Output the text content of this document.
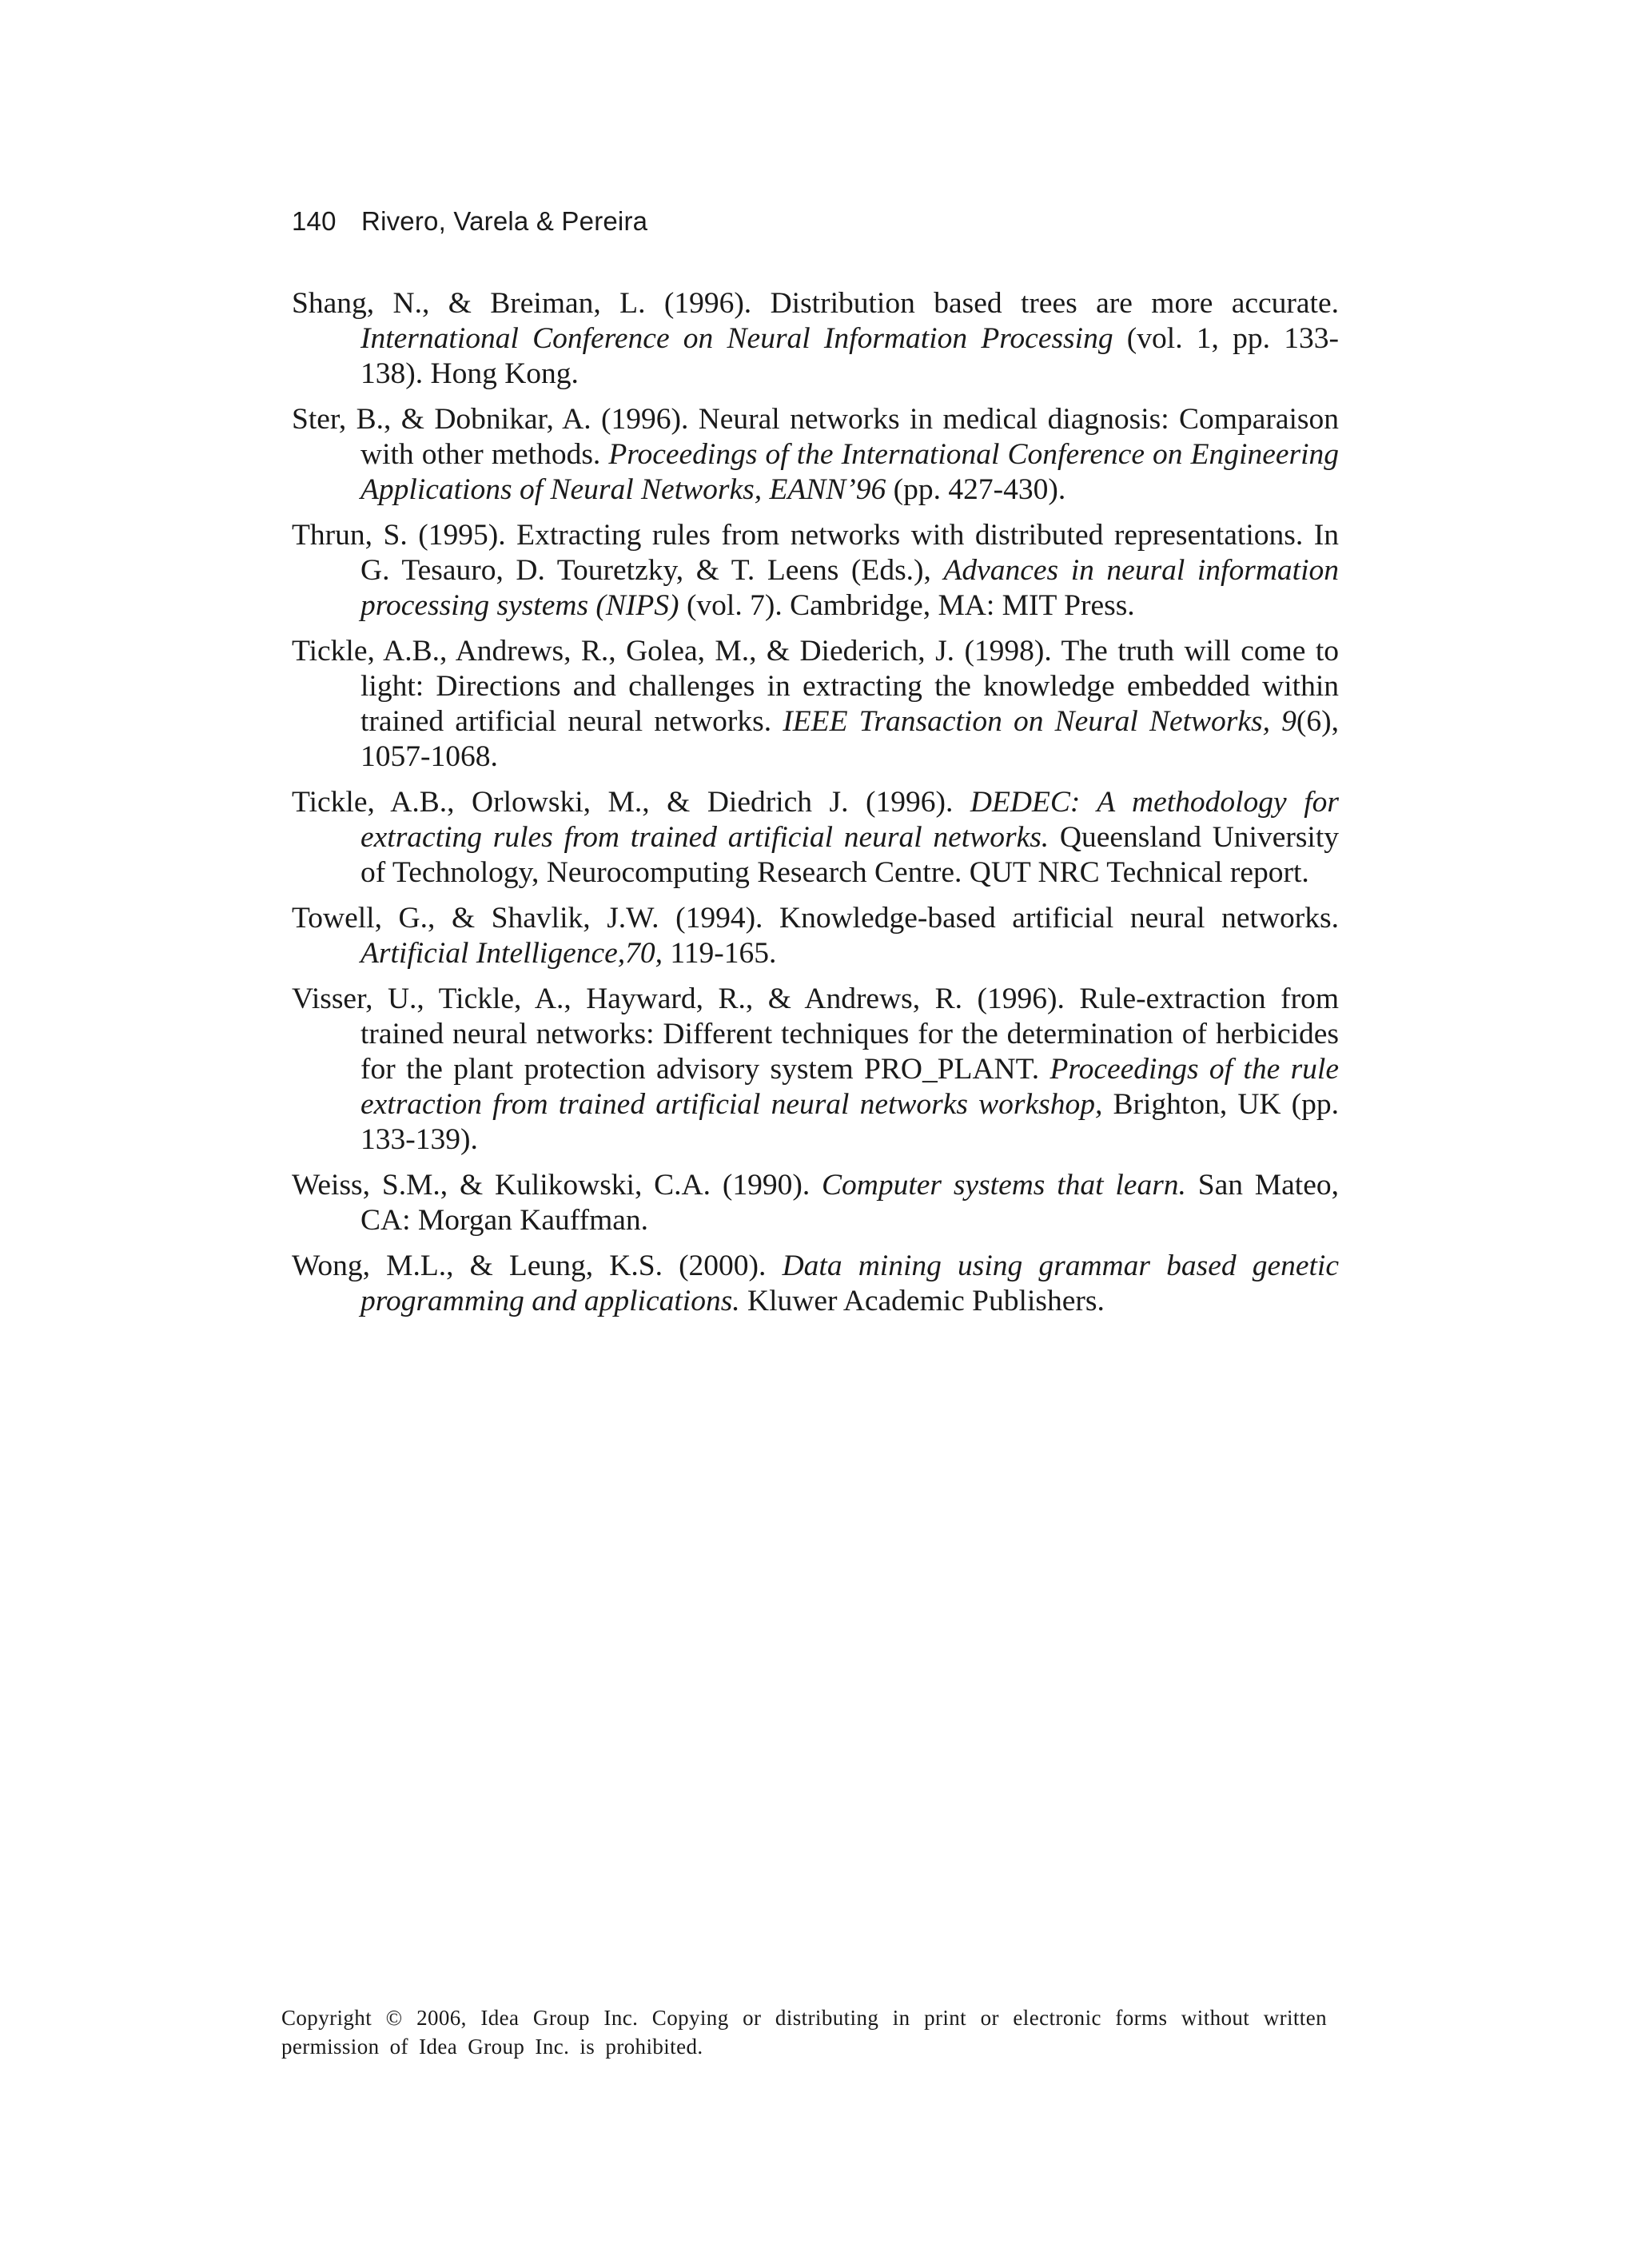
140 Rivero, Varela & Pereira
Shang, N., & Breiman, L. (1996). Distribution based trees are more accurate. International Conference on Neural Information Processing (vol. 1, pp. 133-138). Hong Kong.
Ster, B., & Dobnikar, A. (1996). Neural networks in medical diagnosis: Comparaison with other methods. Proceedings of the International Conference on Engineering Applications of Neural Networks, EANN’96 (pp. 427-430).
Thrun, S. (1995). Extracting rules from networks with distributed representations. In G. Tesauro, D. Touretzky, & T. Leens (Eds.), Advances in neural information processing systems (NIPS) (vol. 7). Cambridge, MA: MIT Press.
Tickle, A.B., Andrews, R., Golea, M., & Diederich, J. (1998). The truth will come to light: Directions and challenges in extracting the knowledge embedded within trained artificial neural networks. IEEE Transaction on Neural Networks, 9(6), 1057-1068.
Tickle, A.B., Orlowski, M., & Diedrich J. (1996). DEDEC: A methodology for extracting rules from trained artificial neural networks. Queensland University of Technology, Neurocomputing Research Centre. QUT NRC Technical report.
Towell, G., & Shavlik, J.W. (1994). Knowledge-based artificial neural networks. Artificial Intelligence,70, 119-165.
Visser, U., Tickle, A., Hayward, R., & Andrews, R. (1996). Rule-extraction from trained neural networks: Different techniques for the determination of herbicides for the plant protection advisory system PRO_PLANT. Proceedings of the rule extraction from trained artificial neural networks workshop, Brighton, UK (pp. 133-139).
Weiss, S.M., & Kulikowski, C.A. (1990). Computer systems that learn. San Mateo, CA: Morgan Kauffman.
Wong, M.L., & Leung, K.S. (2000). Data mining using grammar based genetic programming and applications. Kluwer Academic Publishers.
Copyright © 2006, Idea Group Inc. Copying or distributing in print or electronic forms without written permission of Idea Group Inc. is prohibited.
